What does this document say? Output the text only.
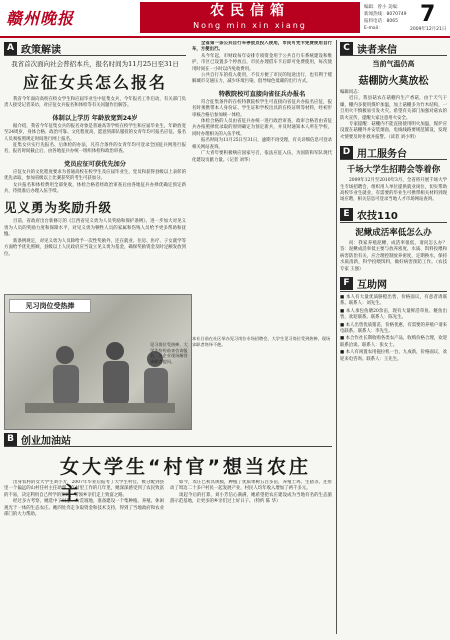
赣州晚报	农民信箱
Nong min xin xiang
编辑：曾小 美编：
新闻热线：8070749
报料电话：8065
E-mail：
7
2009年12月21日
A 政策解读
我省首次面向社会普招本兵，报名时间为11月25日至31日
应征女兵怎么报名

我省今年面向高校在校女学生和应届毕业生中征集女兵，今年报名工作启动，有关部门负责人接受记者采访，对应征女兵报名和体检等有关问题作出解答。

体制以上学历 年龄放宽到24岁

据介绍，我省今年征集女兵的报名对象是普通高等学校在校学生和应届毕业生，年龄放宽至24周岁，身体合格、政治可靠、文化程度高，愿意到部队服役的女青年均可报名应征。报名人员须按照规定时间进行网上报名。

征集女兵实行先报名、后体检的办法，凡符合条件的女青年均可登录全国征兵网进行报名，报名时间截止后，由各地征兵办统一组织体检和政治审查。

党员应征可获优先加分

应征女兵的文化程度要求为普通高校在校学生及应届毕业生，党员和获得县级以上表彰的优先录取，参加省级以上比赛获奖的考生可获加分。

女兵报名和体检费用全部免收，体检合格者经政治审查后由各地征兵办择优确定预定新兵，待批准后办理入伍手续。

见义勇为奖励升级

目前，省政府出台新修订的《江西省见义勇为人员奖励和保护条例》，进一步加大对见义勇为人员的奖励力度和保障水平，对见义勇为牺牲人员的家属和伤残人员给予更多帮助和抚恤。

新条例规定，对见义勇为人员除给予一次性奖励外，还在就业、住房、医疗、子女就学等方面给予优先照顾，县级以上人民政府应当设立见义勇为基金，确保奖励资金及时足额发放到位。

全省第一条公共自行车停放点投入使用，市民可凭卡免费使用自行车，方便出行。

从今年起，市财政每年安排专项资金用于公共自行车系统建设和维护，市区已设置多个停放点，市民办理借车卡后即可免费使用，每次使用时间在一小时以内免收费用。

公共自行车的投入使用，不仅方便了市民的短途出行，也有利于缓解城市交通压力，减少环境污染，倡导绿色低碳的出行方式。

特教院校可直接向省征兵办报名

符合征集条件的在校特教院校学生可直接向省征兵办报名应征，报名时须携带本人身份证、学生证和学校出具的在校证明等材料，经初步审核合格后参加统一体检。

体检合格的人员由省征兵办统一进行政治审查，政审合格者由省征兵办按照择优录取的原则确定为预定新兵，并及时通知本人所在学校，同时办理相关的入伍手续。

报名时间为11月25日至31日，逾期不再受理，有关详细信息可登录相关网站查询。

广大青年要积极响应国家号召，依法应征入伍，为国防和军队现代化建设贡献力量。（记者 刘华）

见习岗位受热捧
见习岗位受热捧，大学生纷纷前来咨询报名，各企业现场解答求职者提问。
本社日前在社区举办见习岗位专场招聘会，大学生见习岗位受到热捧，现场求职者络绎不绝。
B 创业加油站
女大学生“村官”想当农庄主

出身农村的女大学生刘小芳，2007年毕业后报考了大学生村官，被分配到县里一个偏远的山村任村主任助理。在村里工作的几年里，她深深感受到了农民致富的不易，决定利用自己所学的知识，带领乡亲们走上致富之路。

经过多方考察，她选中了村里一片荒坡地，准备建设一个集种植、养殖、休闲观光于一体的生态农庄。她四处奔走争取资金和技术支持，得到了当地政府和农业部门的大力帮助。

如今，农庄已初具规模，种植了优质果树五百多亩，养殖土鸡、生猪等，还带动了周边二十多户村民一起发展产业，村民人均年收入增加了两千多元。

谈起今后的打算，刘小芳信心满满，她希望把农庄建设成为当地有名的生态旅游示范基地，让更多的乡亲们过上好日子。（特约 陈 华）

C 读者来信
当前气温仍高
菇棚防火莫放松

编辑同志：

近日，我县菇农在菇棚内生产香菇，由于天气干燥，棚内多使用煤炉加温，加上菇棚多为竹木结构，一旦用火不慎极易引发火灾。希望有关部门加强对菇农的防火宣传，提醒大家注意用火安全。

专家提醒：菇棚内不能直接使用明火加温，煤炉应设置在菇棚外并安装烟囱，电线线路要规范铺设，发现火情要及时扑救并报警。（读者 刘小明）

D 用工服务台
千场大学生招聘会等着你

2009年12月至2010年3月，全省将开展千场大学生专场招聘会，组织用人单位提供就业岗位，切实帮助高校毕业生就业，有需要的毕业生可携带相关材料到现场应聘，相关信息可登录当地人才市场网站查询。

E 农技110
泥鳅成活率低怎么办

问：我家养殖泥鳅，成活率很低，请问怎么办？答：泥鳅成活率低主要与放养密度、水质、饵料投喂和病害防治有关，应合理控制放养密度，定期换水，保持水质清新，科学投喂饵料，做好病害预防工作。（农技专家 王强）

F 互助网

■ 本人有大量优质脐橙出售，价格面议，有意者请联系。联系人：刘先生。

■ 本人承包鱼塘20余亩，现有大量鲜活草鱼、鲢鱼出售，欢迎联系。联系人：陈先生。

■ 本人出售优质猪苗，价格优惠，有需要的养殖户请来电联系。联系人：李先生。

■ 本合作社长期收购各类农产品，收购价格合理，欢迎联系洽谈。联系人：张女士。

■ 本人有闲置农用拖拉机一台，九成新，价格面议，欢迎来电咨询。联系人：王先生。
